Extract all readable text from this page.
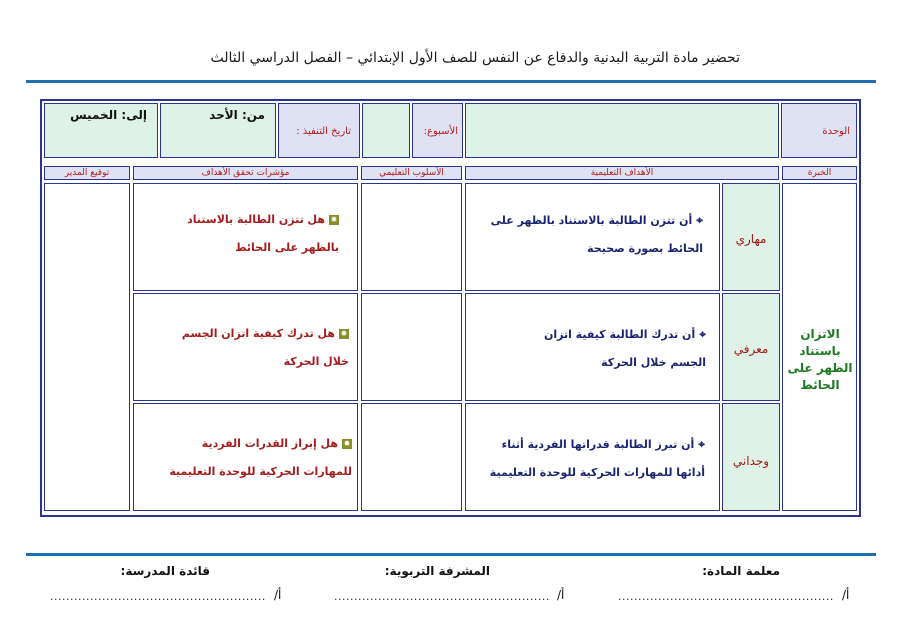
تحضير مادة التربية البدنية والدفاع عن النفس للصف الأول الإبتدائي – الفصل الدراسي الثالث
الوحدة
الأسبوع:
تاريخ التنفيذ :
من: الأحد
إلى: الخميس
الخبرة
الأهداف التعليمية
الأسلوب التعليمي
مؤشرات تحقق الأهداف
توقيع المدير
الاتزان باستناد الظهر على الحائط
مهاري
⌖أن تتزن الطالبة بالاستناد بالظهر على الحائط بصورة صحيحة
✹هل تتزن الطالبة بالاستناد بالظهر على الحائط
معرفي
⌖أن تدرك الطالبة كيفية اتزان الجسم خلال الحركة
✹هل تدرك كيفية اتزان الجسم خلال الحركة
وجداني
⌖أن تبرز الطالبة قدراتها الفردية أثناء أدائها للمهارات الحركية للوحدة التعليمية
✹هل إبراز القدرات الفردية للمهارات الحركية للوحدة التعليمية
معلمة المادة:
المشرفة التربوية:
قائدة المدرسة:
...................................................... أ/
...................................................... أ/
...................................................... أ/
